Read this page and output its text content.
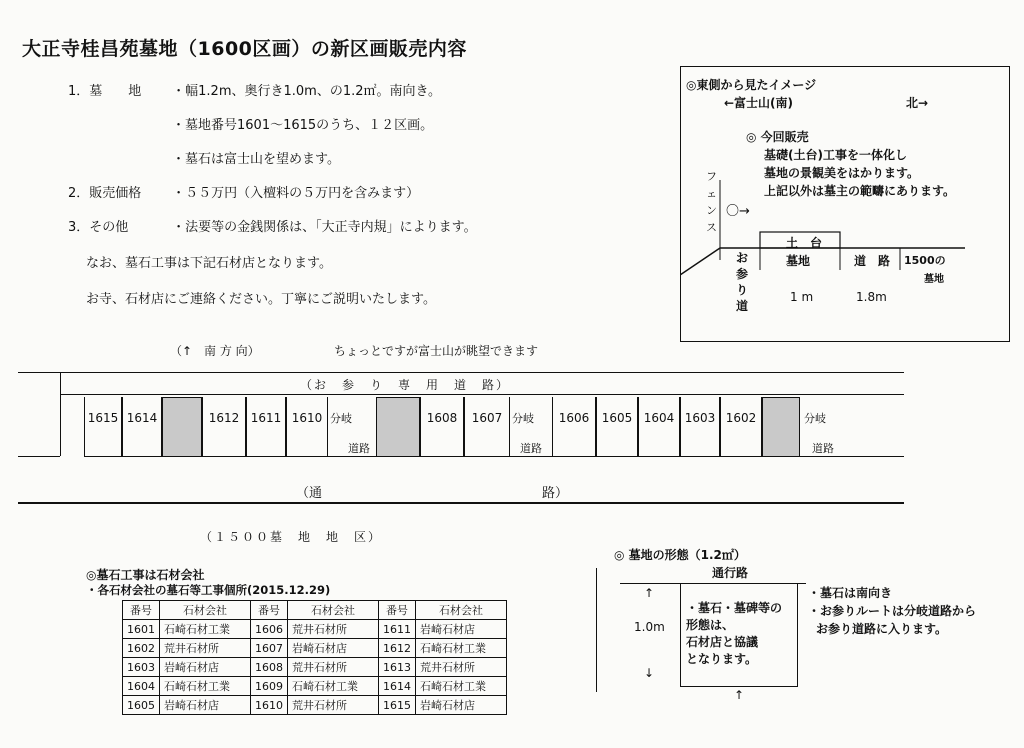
大正寺桂昌苑墓地（1600区画）の新区画販売内容
1．墓　　地 ・幅1.2m、奥行き1.0m、の1.2㎡。南向き。
・墓地番号1601～1615のうち、１２区画。
・墓石は富士山を望めます。
2．販売価格 ・５５万円（入檀料の５万円を含みます）
3．その他	・法要等の金銭関係は、「大正寺内規」によります。
なお、墓石工事は下記石材店となります。
お寺、石材店にご連絡ください。丁寧にご説明いたします。
◎東側から見たイメージ
←富士山(南)	北→
◎ 今回販売
基礎(土台)工事を一体化し
墓地の景観美をはかります。
上記以外は墓主の範疇にあります。
フェンス
〇→
土　台
お参り道
墓地	道　路 1500の
墓地
1 m	1.8m
（↑　南 方 向）	ちょっとですが富士山が眺望できます
（お　参　り　専　用　道　路）
1615 1614	1612 1611 1610 分岐
道路
1608	1607 分岐
道路
1606	1605 1604 1603 1602	分岐
道路
（通	路）
（１５００墓　地　地　区）
◎墓石工事は石材会社
・各石材会社の墓石等工事個所(2015.12.29)
番号	石材会社	番号	石材会社	番号	石材会社
1601	石崎石材工業	1606	荒井石材所	1611	岩崎石材店
1602	荒井石材所	1607	岩崎石材店	1612	石崎石材工業
1603	岩崎石材店	1608	荒井石材所	1613	荒井石材所
1604	石崎石材工業	1609	石崎石材工業	1614	石崎石材工業
1605	岩崎石材店	1610	荒井石材所	1615	岩崎石材店
◎ 墓地の形態（1.2㎡）
通行路
・墓石・墓碑等の
形態は、
石材店と協議
となります。
↑
1.0m
↓
↑
・墓石は南向き
・お参りルートは分岐道路から
お参り道路に入ります。
